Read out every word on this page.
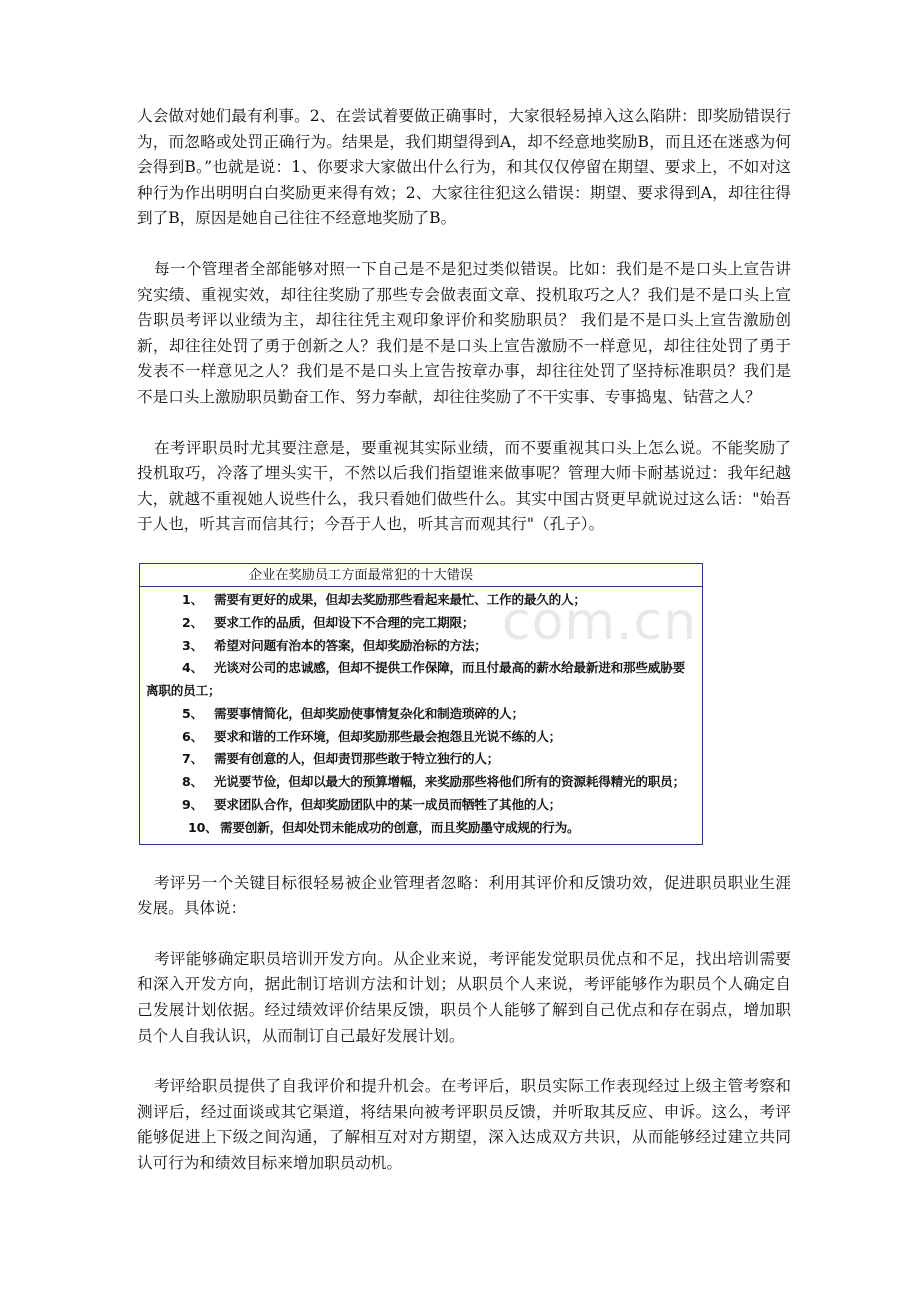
人会做对她们最有利事。2、在尝试着要做正确事时，大家很轻易掉入这么陷阱：即奖励错误行为，而忽略或处罚正确行为。结果是，我们期望得到A，却不经意地奖励B，而且还在迷惑为何会得到B。”也就是说：1、你要求大家做出什么行为，和其仅仅停留在期望、要求上，不如对这种行为作出明明白白奖励更来得有效；2、大家往往犯这么错误：期望、要求得到A，却往往得到了B，原因是她自己往往不经意地奖励了B。

每一个管理者全部能够对照一下自己是不是犯过类似错误。比如：我们是不是口头上宣告讲究实绩、重视实效，却往往奖励了那些专会做表面文章、投机取巧之人？我们是不是口头上宣告职员考评以业绩为主，却往往凭主观印象评价和奖励职员？ 我们是不是口头上宣告激励创新，却往往处罚了勇于创新之人？我们是不是口头上宣告激励不一样意见，却往往处罚了勇于发表不一样意见之人？我们是不是口头上宣告按章办事，却往往处罚了坚持标准职员？我们是不是口头上激励职员勤奋工作、努力奉献，却往往奖励了不干实事、专事捣鬼、钻营之人？

在考评职员时尤其要注意是，要重视其实际业绩，而不要重视其口头上怎么说。不能奖励了投机取巧，冷落了埋头实干，不然以后我们指望谁来做事呢？管理大师卡耐基说过：我年纪越大，就越不重视她人说些什么，我只看她们做些什么。其实中国古贤更早就说过这么话："始吾于人也，听其言而信其行；今吾于人也，听其言而观其行"（孔子）。

企业在奖励员工方面最常犯的十大错误
com.cn
1、 需要有更好的成果，但却去奖励那些看起来最忙、工作的最久的人；
2、 要求工作的品质，但却设下不合理的完工期限；
3、 希望对问题有治本的答案，但却奖励治标的方法；
4、 光谈对公司的忠诚感，但却不提供工作保障，而且付最高的薪水给最新进和那些威胁要离职的员工；
5、 需要事情简化，但却奖励使事情复杂化和制造琐碎的人；
6、 要求和谐的工作环境，但却奖励那些最会抱怨且光说不练的人；
7、 需要有创意的人，但却责罚那些敢于特立独行的人；
8、 光说要节俭，但却以最大的预算增幅，来奖励那些将他们所有的资源耗得精光的职员；
9、 要求团队合作，但却奖励团队中的某一成员而牺牲了其他的人；
10、 需要创新，但却处罚未能成功的创意，而且奖励墨守成规的行为。

考评另一个关键目标很轻易被企业管理者忽略：利用其评价和反馈功效，促进职员职业生涯发展。具体说：

考评能够确定职员培训开发方向。从企业来说，考评能发觉职员优点和不足，找出培训需要和深入开发方向，据此制订培训方法和计划；从职员个人来说，考评能够作为职员个人确定自己发展计划依据。经过绩效评价结果反馈，职员个人能够了解到自己优点和存在弱点，增加职员个人自我认识，从而制订自己最好发展计划。

考评给职员提供了自我评价和提升机会。在考评后，职员实际工作表现经过上级主管考察和测评后，经过面谈或其它渠道，将结果向被考评职员反馈，并听取其反应、申诉。这么，考评能够促进上下级之间沟通，了解相互对对方期望，深入达成双方共识，从而能够经过建立共同认可行为和绩效目标来增加职员动机。
